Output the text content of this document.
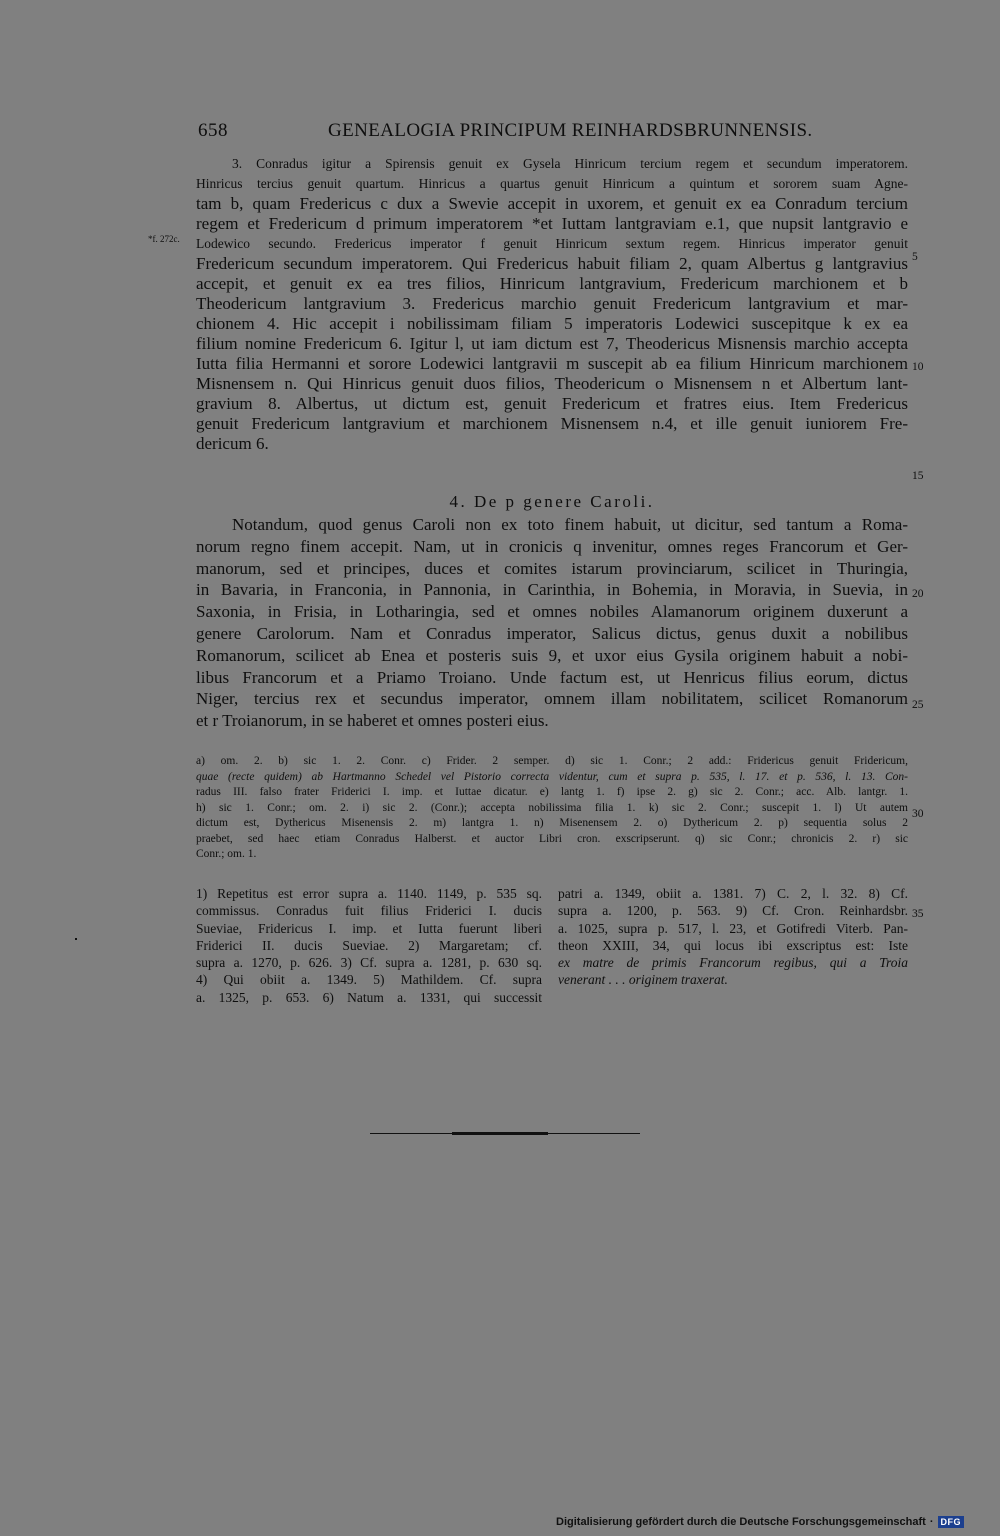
658	GENEALOGIA PRINCIPUM REINHARDSBRUNNENSIS.
3. Conradus igitur a Spirensis genuit ex Gysela Hinricum tercium regem et secundum imperatorem.
Hinricus tercius genuit quartum. Hinricus a quartus genuit Hinricum a quintum et sororem suam Agne-
tam b, quam Fredericus c dux a Swevie accepit in uxorem, et genuit ex ea Conradum tercium
regem et Fredericum d primum imperatorem *et Iuttam lantgraviam e.1, que nupsit lantgravio e
Lodewico secundo. Fredericus imperator f genuit Hinricum sextum regem. Hinricus imperator genuit
Fredericum secundum imperatorem. Qui Fredericus habuit filiam 2, quam Albertus g lantgravius
accepit, et genuit ex ea tres filios, Hinricum lantgravium, Fredericum marchionem et b
Theodericum lantgravium 3. Fredericus marchio genuit Fredericum lantgravium et mar-
chionem 4. Hic accepit i nobilissimam filiam 5 imperatoris Lodewici suscepitque k ex ea
filium nomine Fredericum 6. Igitur l, ut iam dictum est 7, Theodericus Misnensis marchio accepta
Iutta filia Hermanni et sorore Lodewici lantgravii m suscepit ab ea filium Hinricum marchionem
Misnensem n. Qui Hinricus genuit duos filios, Theodericum o Misnensem n et Albertum lant-
gravium 8. Albertus, ut dictum est, genuit Fredericum et fratres eius. Item Fredericus
genuit Fredericum lantgravium et marchionem Misnensem n.4, et ille genuit iuniorem Fre-
dericum 6.
4. De p genere Caroli.
Notandum, quod genus Caroli non ex toto finem habuit, ut dicitur, sed tantum a Roma-
norum regno finem accepit. Nam, ut in cronicis q invenitur, omnes reges Francorum et Ger-
manorum, sed et principes, duces et comites istarum provinciarum, scilicet in Thuringia,
in Bavaria, in Franconia, in Pannonia, in Carinthia, in Bohemia, in Moravia, in Suevia, in
Saxonia, in Frisia, in Lotharingia, sed et omnes nobiles Alamanorum originem duxerunt a
genere Carolorum. Nam et Conradus imperator, Salicus dictus, genus duxit a nobilibus
Romanorum, scilicet ab Enea et posteris suis 9, et uxor eius Gysila originem habuit a nobi-
libus Francorum et a Priamo Troiano. Unde factum est, ut Henricus filius eorum, dictus
Niger, tercius rex et secundus imperator, omnem illam nobilitatem, scilicet Romanorum
et r Troianorum, in se haberet et omnes posteri eius.
*f. 272c.
5
10
15
20
25
30
35
a) om. 2. b) sic 1. 2. Conr. c) Frider. 2 semper. d) sic 1. Conr.; 2 add.: Fridericus genuit Fridericum,
quae (recte quidem) ab Hartmanno Schedel vel Pistorio correcta videntur, cum et supra p. 535, l. 17. et p. 536, l. 13. Con-
radus III. falso frater Friderici I. imp. et Iuttae dicatur. e) lantg 1. f) ipse 2. g) sic 2. Conr.; acc. Alb. lantgr. 1.
h) sic 1. Conr.; om. 2. i) sic 2. (Conr.); accepta nobilissima filia 1. k) sic 2. Conr.; suscepit 1. l) Ut autem
dictum est, Dythericus Misenensis 2. m) lantgra 1. n) Misenensem 2. o) Dythericum 2. p) sequentia solus 2
praebet, sed haec etiam Conradus Halberst. et auctor Libri cron. exscripserunt. q) sic Conr.; chronicis 2. r) sic
Conr.; om. 1.
1) Repetitus est error supra a. 1140. 1149, p. 535 sq.
commissus. Conradus fuit filius Friderici I. ducis
Sueviae, Fridericus I. imp. et Iutta fuerunt liberi
Friderici II. ducis Sueviae. 2) Margaretam; cf.
supra a. 1270, p. 626. 3) Cf. supra a. 1281, p. 630 sq.
4) Qui obiit a. 1349. 5) Mathildem. Cf. supra
a. 1325, p. 653. 6) Natum a. 1331, qui successit
patri a. 1349, obiit a. 1381. 7) C. 2, l. 32. 8) Cf.
supra a. 1200, p. 563. 9) Cf. Cron. Reinhardsbr.
a. 1025, supra p. 517, l. 23, et Gotifredi Viterb. Pan-
theon XXIII, 34, qui locus ibi exscriptus est: Iste
ex matre de primis Francorum regibus, qui a Troia
venerant . . . originem traxerat.
Digitalisierung gefördert durch die Deutsche Forschungsgemeinschaft · DFG
